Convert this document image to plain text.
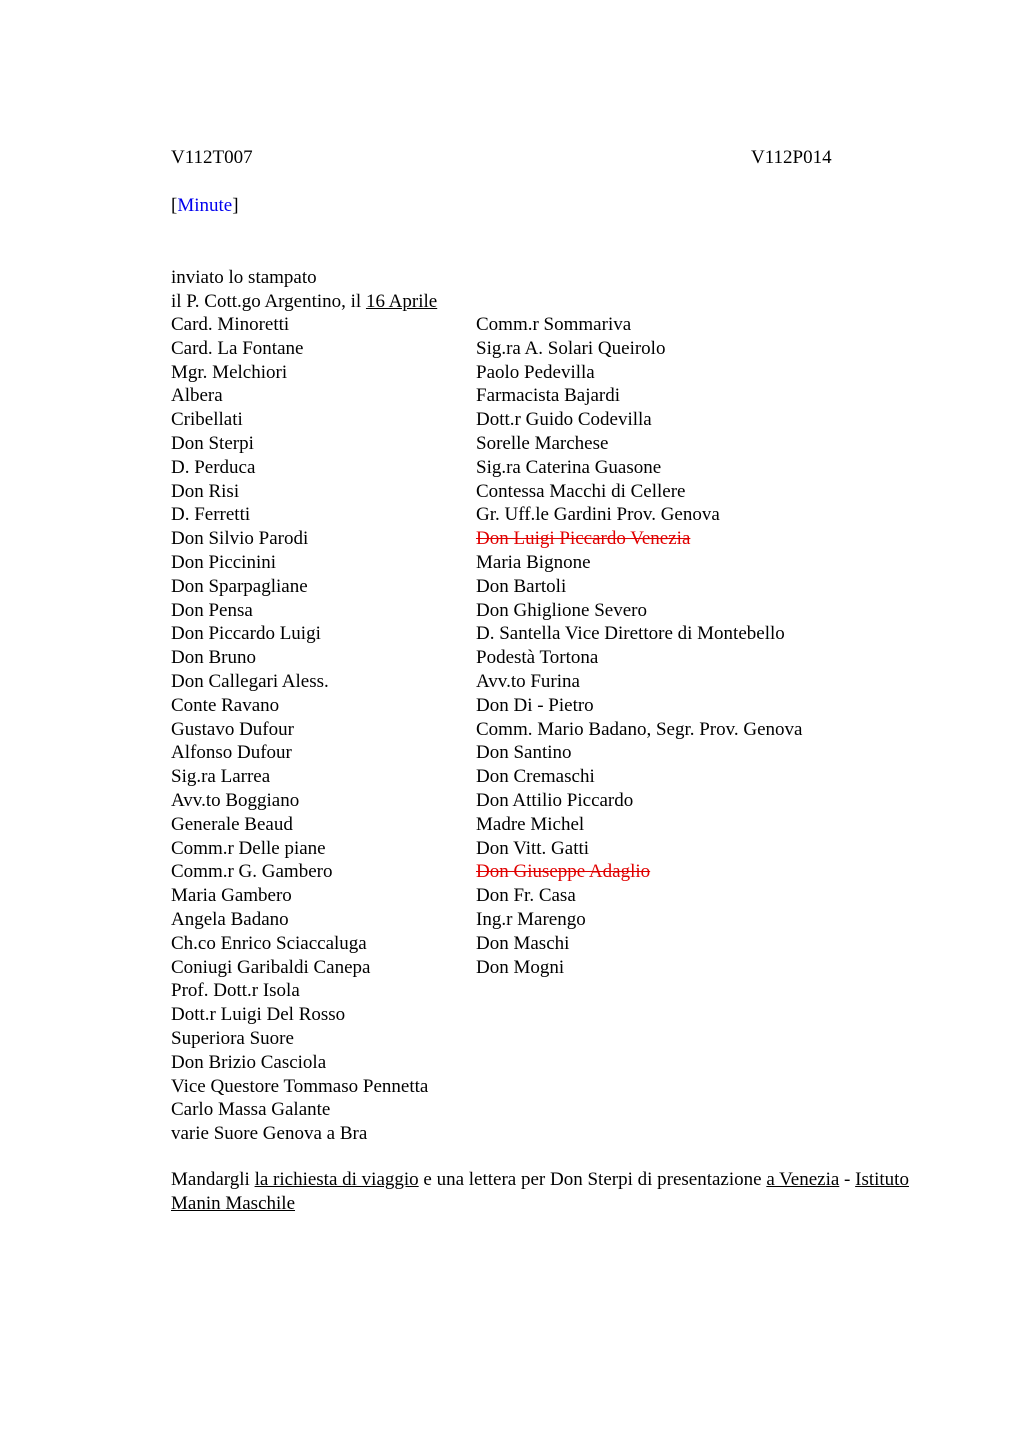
V112T007	V112P014
[Minute]
inviato lo stampato
il P. Cott.go Argentino, il 16 Aprile
Card. Minoretti
Card. La Fontane
Mgr. Melchiori
Albera
Cribellati
Don Sterpi
D. Perduca
Don Risi
D. Ferretti
Don Silvio Parodi
Don Piccinini
Don Sparpagliane
Don Pensa
Don Piccardo Luigi
Don Bruno
Don Callegari Aless.
Conte Ravano
Gustavo Dufour
Alfonso Dufour
Sig.ra Larrea
Avv.to Boggiano
Generale Beaud
Comm.r Delle piane
Comm.r G. Gambero
Maria Gambero
Angela Badano
Ch.co Enrico Sciaccaluga
Coniugi Garibaldi Canepa
Prof. Dott.r Isola
Dott.r Luigi Del Rosso
Superiora Suore
Don Brizio Casciola
Vice Questore Tommaso Pennetta
Carlo Massa Galante
varie Suore Genova a Bra
Comm.r Sommariva
Sig.ra A. Solari Queirolo
Paolo Pedevilla
Farmacista Bajardi
Dott.r Guido Codevilla
Sorelle Marchese
Sig.ra Caterina Guasone
Contessa Macchi di Cellere
Gr. Uff.le Gardini Prov. Genova
Don Luigi Piccardo Venezia
Maria Bignone
Don Bartoli
Don Ghiglione Severo
D. Santella Vice Direttore di Montebello
Podestà Tortona
Avv.to Furina
Don Di - Pietro
Comm. Mario Badano, Segr. Prov. Genova
Don Santino
Don Cremaschi
Don Attilio Piccardo
Madre Michel
Don Vitt. Gatti
Don Giuseppe Adaglio
Don Fr. Casa
Ing.r Marengo
Don Maschi
Don Mogni
Mandargli la richiesta di viaggio e una lettera per Don Sterpi di presentazione a Venezia - Istituto Manin Maschile
